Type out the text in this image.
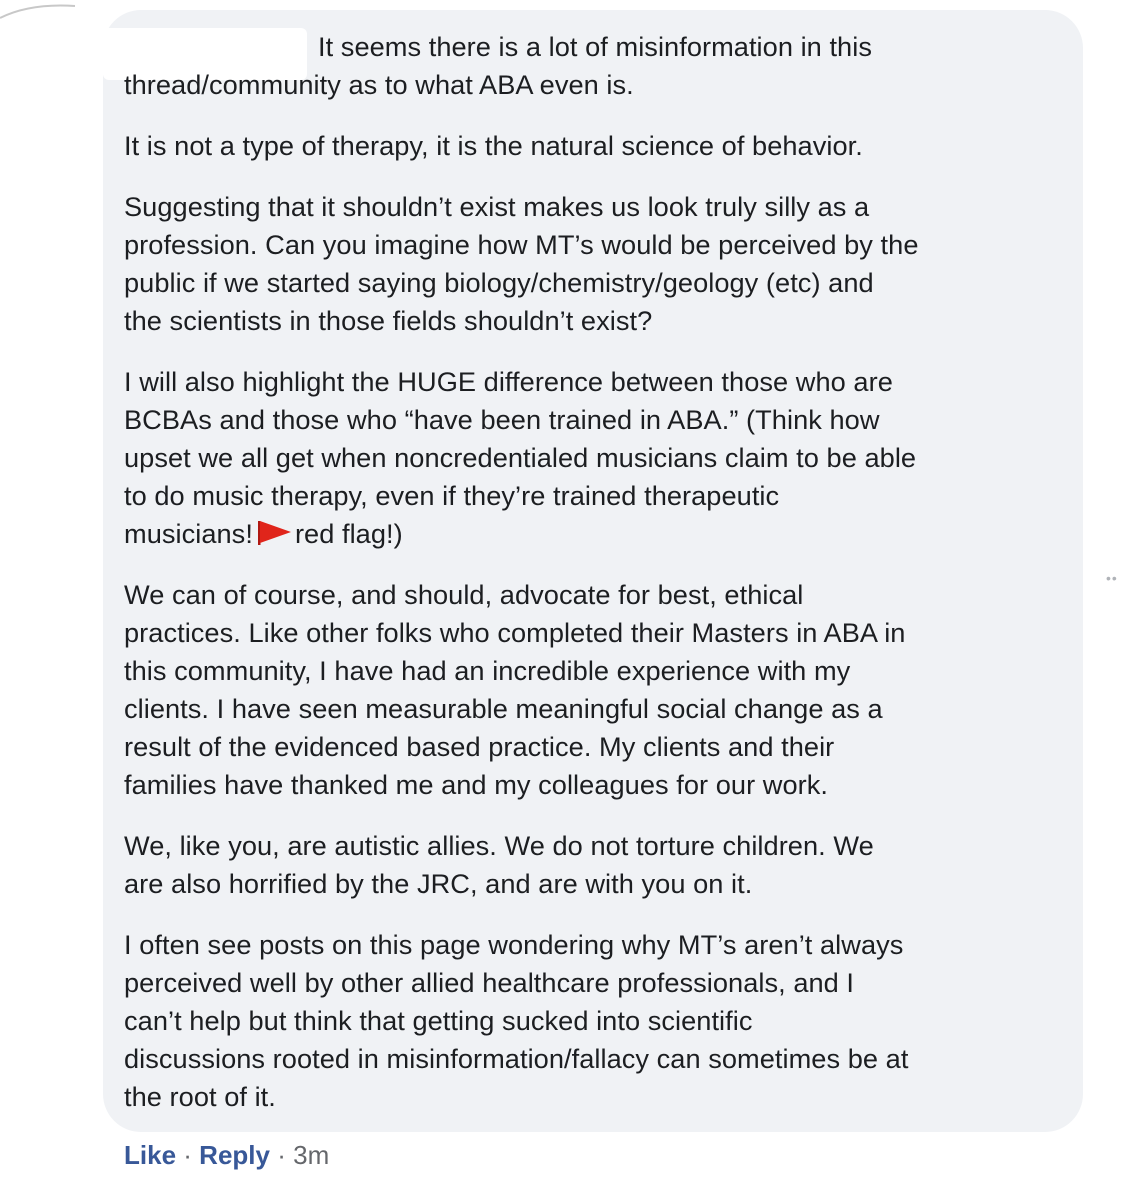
It seems there is a lot of misinformation in this
thread/community as to what ABA even is.
It is not a type of therapy, it is the natural science of behavior.
Suggesting that it shouldn’t exist makes us look truly silly as a
profession. Can you imagine how MT’s would be perceived by the
public if we started saying biology/chemistry/geology (etc) and
the scientists in those fields shouldn’t exist?
I will also highlight the HUGE difference between those who are
BCBAs and those who “have been trained in ABA.” (Think how
upset we all get when noncredentialed musicians claim to be able
to do music therapy, even if they’re trained therapeutic
musicians! red flag!)
We can of course, and should, advocate for best, ethical
practices. Like other folks who completed their Masters in ABA in
this community, I have had an incredible experience with my
clients. I have seen measurable meaningful social change as a
result of the evidenced based practice. My clients and their
families have thanked me and my colleagues for our work.
We, like you, are autistic allies. We do not torture children. We
are also horrified by the JRC, and are with you on it.
I often see posts on this page wondering why MT’s aren’t always
perceived well by other allied healthcare professionals, and I
can’t help but think that getting sucked into scientific
discussions rooted in misinformation/fallacy can sometimes be at
the root of it.
••
Like · Reply · 3m
